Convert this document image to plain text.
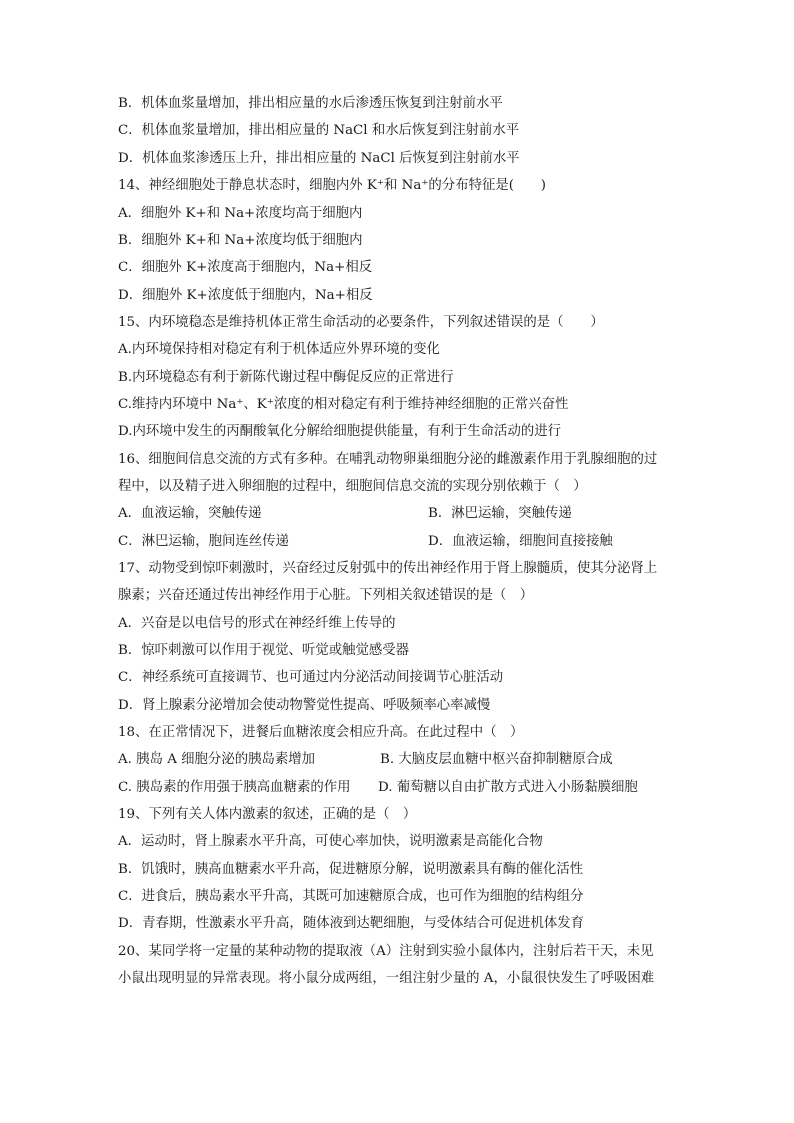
B．机体血浆量增加，排出相应量的水后渗透压恢复到注射前水平
C．机体血浆量增加，排出相应量的 NaCl 和水后恢复到注射前水平
D．机体血浆渗透压上升，排出相应量的 NaCl 后恢复到注射前水平
14、神经细胞处于静息状态时，细胞内外 K⁺和 Na⁺的分布特征是(　　)
A．细胞外 K+和 Na+浓度均高于细胞内
B．细胞外 K+和 Na+浓度均低于细胞内
C．细胞外 K+浓度高于细胞内，Na+相反
D．细胞外 K+浓度低于细胞内，Na+相反
15、内环境稳态是维持机体正常生命活动的必要条件，下列叙述错误的是（　　）
A.内环境保持相对稳定有利于机体适应外界环境的变化
B.内环境稳态有利于新陈代谢过程中酶促反应的正常进行
C.维持内环境中 Na⁺、K⁺浓度的相对稳定有利于维持神经细胞的正常兴奋性
D.内环境中发生的丙酮酸氧化分解给细胞提供能量，有利于生命活动的进行
16、细胞间信息交流的方式有多种。在哺乳动物卵巢细胞分泌的雌激素作用于乳腺细胞的过
程中，以及精子进入卵细胞的过程中，细胞间信息交流的实现分别依赖于（　）
A．血液运输，突触传递	B．淋巴运输，突触传递
C．淋巴运输，胞间连丝传递	D．血液运输，细胞间直接接触
17、动物受到惊吓刺激时，兴奋经过反射弧中的传出神经作用于肾上腺髓质，使其分泌肾上
腺素；兴奋还通过传出神经作用于心脏。下列相关叙述错误的是（　）
A．兴奋是以电信号的形式在神经纤维上传导的
B．惊吓刺激可以作用于视觉、听觉或触觉感受器
C．神经系统可直接调节、也可通过内分泌活动间接调节心脏活动
D．肾上腺素分泌增加会使动物警觉性提高、呼吸频率心率减慢
18、在正常情况下，进餐后血糖浓度会相应升高。在此过程中（　）
A. 胰岛 A 细胞分泌的胰岛素增加	B. 大脑皮层血糖中枢兴奋抑制糖原合成
C. 胰岛素的作用强于胰高血糖素的作用 D. 葡萄糖以自由扩散方式进入小肠黏膜细胞
19、下列有关人体内激素的叙述，正确的是（　）
A．运动时，肾上腺素水平升高，可使心率加快，说明激素是高能化合物
B．饥饿时，胰高血糖素水平升高，促进糖原分解，说明激素具有酶的催化活性
C．进食后，胰岛素水平升高，其既可加速糖原合成，也可作为细胞的结构组分
D．青春期，性激素水平升高，随体液到达靶细胞，与受体结合可促进机体发育
20、某同学将一定量的某种动物的提取液（A）注射到实验小鼠体内，注射后若干天，未见
小鼠出现明显的异常表现。将小鼠分成两组，一组注射少量的 A，小鼠很快发生了呼吸困难
